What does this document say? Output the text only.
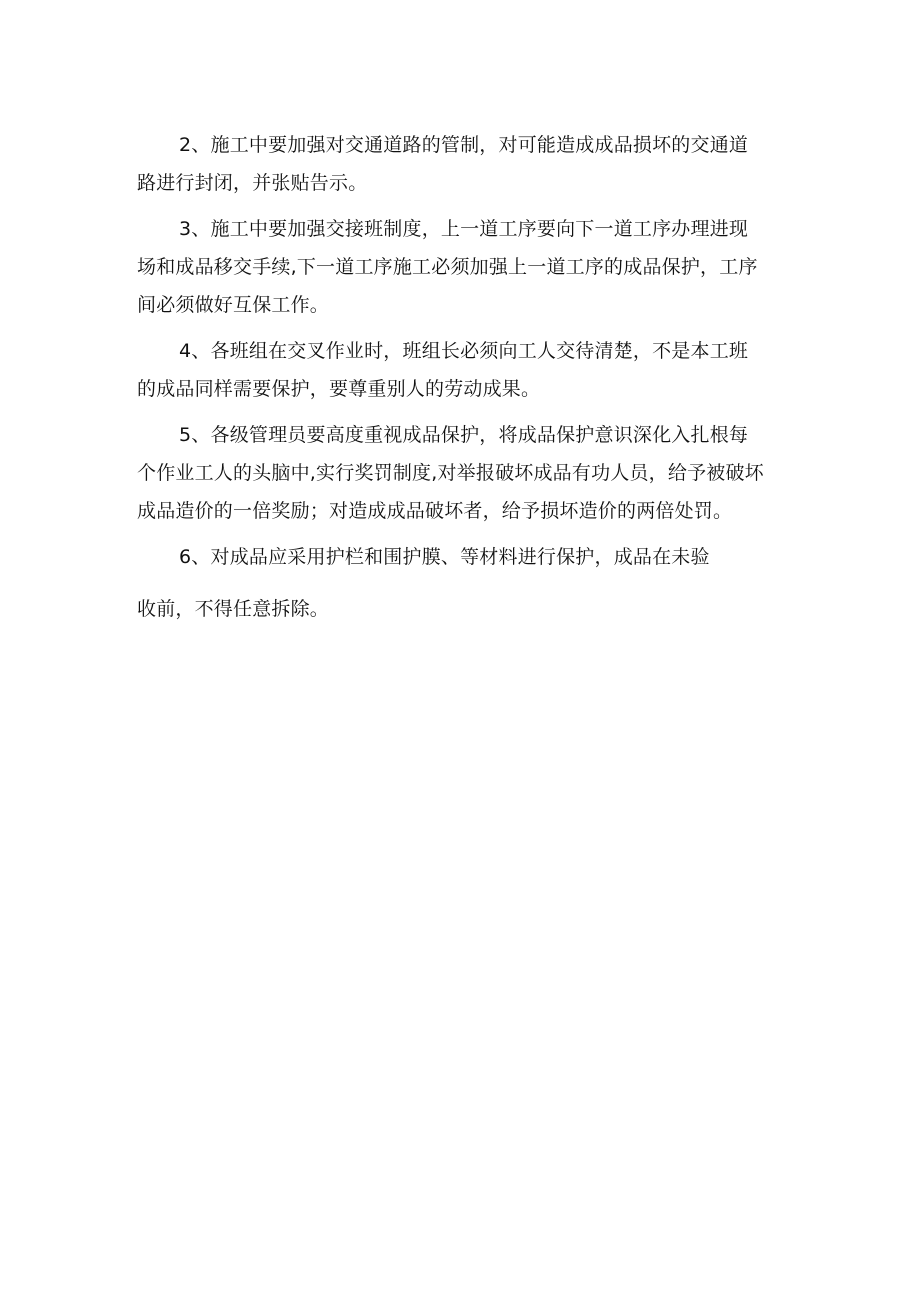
2、施工中要加强对交通道路的管制，对可能造成成品损坏的交通道
路进行封闭，并张贴告示。
3、施工中要加强交接班制度，上一道工序要向下一道工序办理进现
场和成品移交手续,下一道工序施工必须加强上一道工序的成品保护，工序
间必须做好互保工作。
4、各班组在交叉作业时，班组长必须向工人交待清楚，不是本工班
的成品同样需要保护，要尊重别人的劳动成果。
5、各级管理员要高度重视成品保护，将成品保护意识深化入扎根每
个作业工人的头脑中,实行奖罚制度,对举报破坏成品有功人员，给予被破坏
成品造价的一倍奖励；对造成成品破坏者，给予损坏造价的两倍处罚。
6、对成品应采用护栏和围护膜、等材料进行保护，成品在未验
收前，不得任意拆除。
